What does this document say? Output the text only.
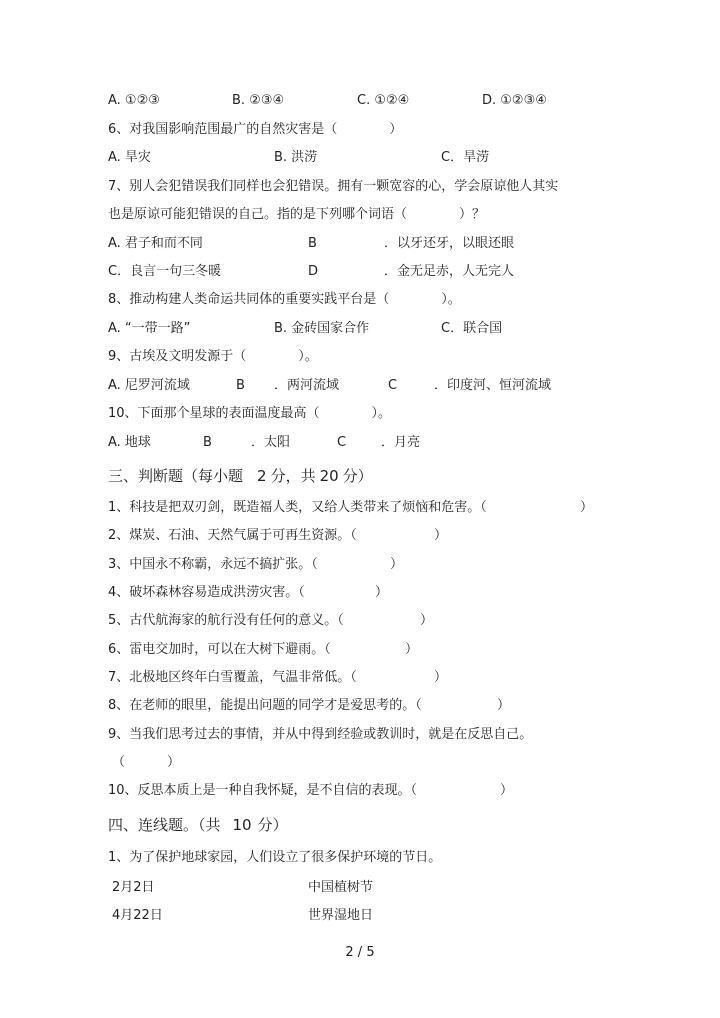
A. ①②③	B. ②③④	C. ①②④	D. ①②③④
6、对我国影响范围最广的自然灾害是（　　　　）
A. 旱灾	B. 洪涝	C．旱涝
7、别人会犯错误我们同样也会犯错误。拥有一颗宽容的心，学会原谅他人其实
也是原谅可能犯错误的自己。指的是下列哪个词语（　　　　）？
A. 君子和而不同	B	．以牙还牙，以眼还眼
C．良言一句三冬暖	D	．金无足赤，人无完人
8、推动构建人类命运共同体的重要实践平台是（　　　　）。
A. “一带一路”	B. 金砖国家合作	C．联合国
9、古埃及文明发源于（　　　　）。
A. 尼罗河流域	B ．两河流域	C	．印度河、恒河流域
10、下面那个星球的表面温度最高（　　　　）。
A. 地球	B	．太阳	C	．月亮
三、判断题（每小题 2 分，共 20 分）
1、科技是把双刃剑，既造福人类，又给人类带来了烦恼和危害。（	）
2、煤炭、石油、天然气属于可再生资源。（	）
3、中国永不称霸，永远不搞扩张。（	）
4、破坏森林容易造成洪涝灾害。（	）
5、古代航海家的航行没有任何的意义。（	）
6、雷电交加时，可以在大树下避雨。（	）
7、北极地区终年白雪覆盖，气温非常低。（	）
8、在老师的眼里，能提出问题的同学才是爱思考的。（	）
9、当我们思考过去的事情，并从中得到经验或教训时，就是在反思自己。
（	）
10、反思本质上是一种自我怀疑，是不自信的表现。（	）
四、连线题。（共 10 分）
1、为了保护地球家园，人们设立了很多保护环境的节日。
2月2日	中国植树节
4月22日	世界湿地日
2 / 5
